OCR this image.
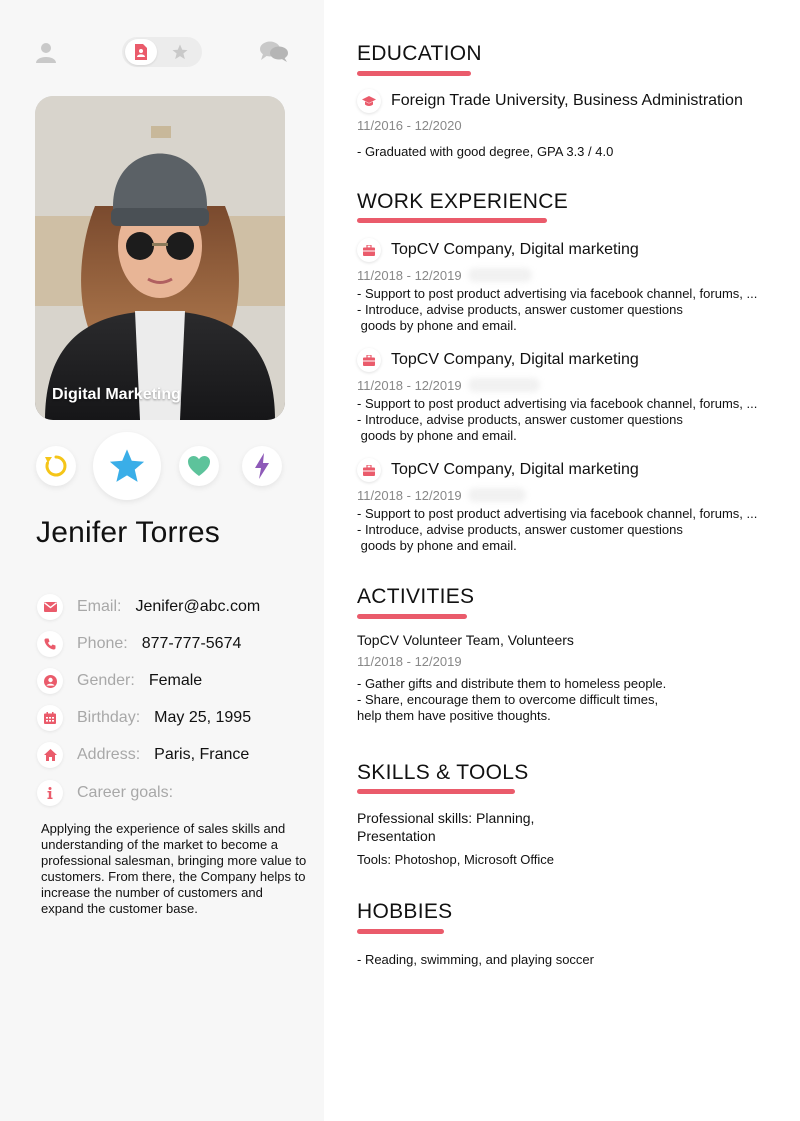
Digital Marketing
Jenifer Torres
Email: Jenifer@abc.com
Phone: 877-777-5674
Gender: Female
Birthday: May 25, 1995
Address: Paris, France
Career goals:
Applying the experience of sales skills and understanding of the market to become a professional salesman, bringing more value to customers. From there, the Company helps to increase the number of customers and expand the customer base.
EDUCATION
Foreign Trade University, Business Administration
11/2016 - 12/2020
- Graduated with good degree, GPA 3.3 / 4.0
WORK EXPERIENCE
TopCV Company, Digital marketing
11/2018 - 12/2019
- Support to post product advertising via facebook channel, forums, ...
- Introduce, advise products, answer customer questions
goods by phone and email.
TopCV Company, Digital marketing
11/2018 - 12/2019
- Support to post product advertising via facebook channel, forums, ...
- Introduce, advise products, answer customer questions
goods by phone and email.
TopCV Company, Digital marketing
11/2018 - 12/2019
- Support to post product advertising via facebook channel, forums, ...
- Introduce, advise products, answer customer questions
goods by phone and email.
ACTIVITIES
TopCV Volunteer Team, Volunteers
11/2018 - 12/2019
- Gather gifts and distribute them to homeless people.
- Share, encourage them to overcome difficult times,
help them have positive thoughts.
SKILLS & TOOLS
Professional skills: Planning,
Presentation
Tools: Photoshop, Microsoft Office
HOBBIES
- Reading, swimming, and playing soccer
